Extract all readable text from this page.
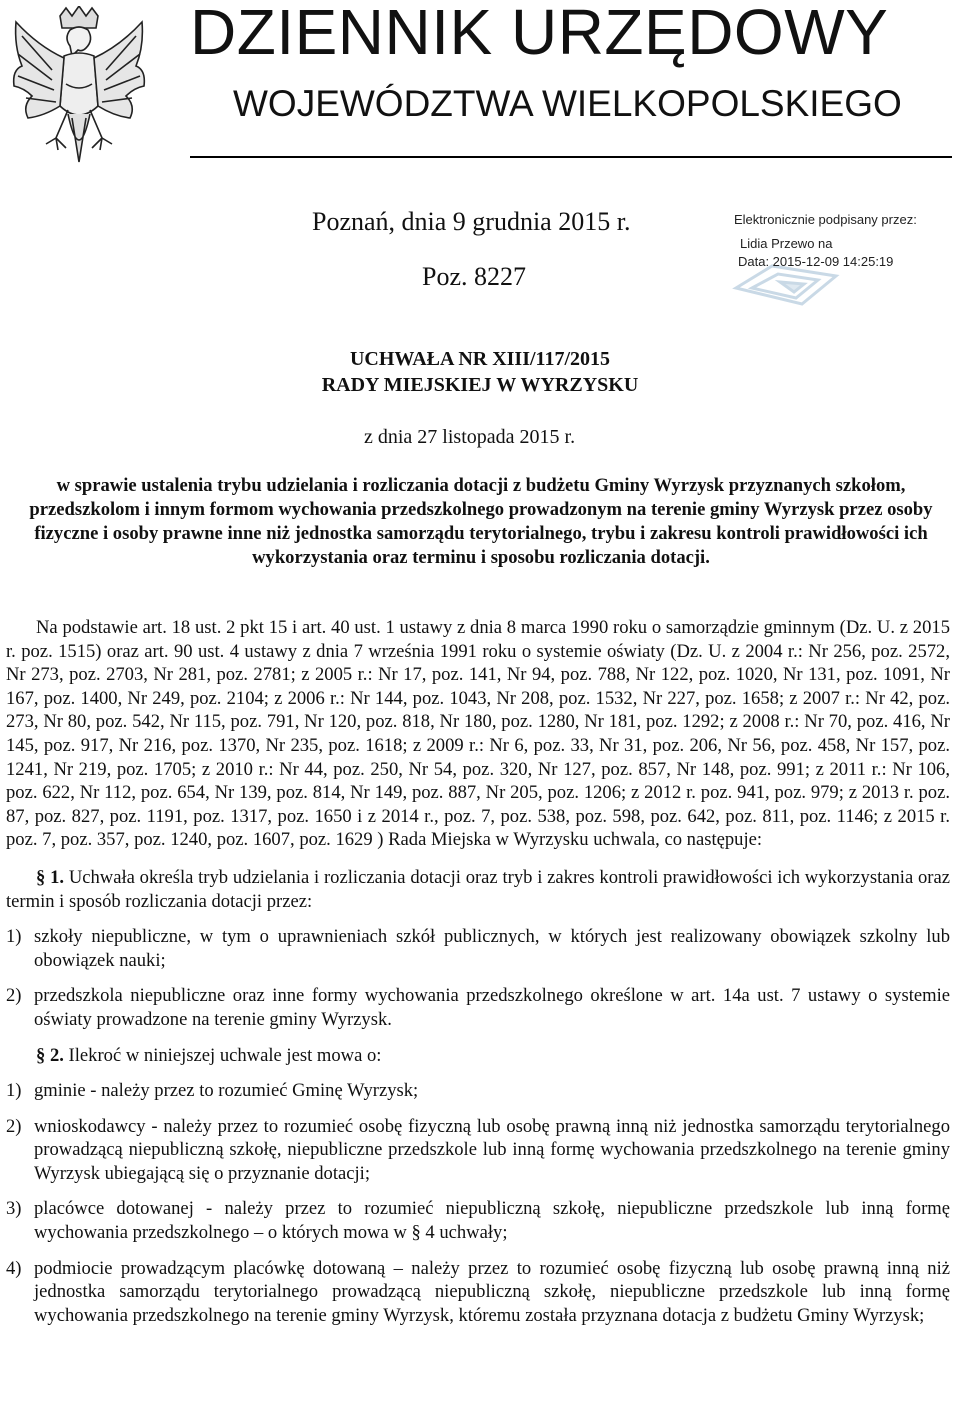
DZIENNIK URZĘDOWY
WOJEWÓDZTWA WIELKOPOLSKIEGO
Poznań, dnia 9 grudnia 2015 r.
Poz. 8227
Elektronicznie podpisany przez:
Lidia Przewo na
Data: 2015-12-09 14:25:19
UCHWAŁA NR XIII/117/2015
RADY MIEJSKIEJ W WYRZYSKU
z dnia 27 listopada 2015 r.
w sprawie ustalenia trybu udzielania i rozliczania dotacji z budżetu Gminy Wyrzysk przyznanych szkołom, przedszkolom i innym formom wychowania przedszkolnego prowadzonym na terenie gminy Wyrzysk przez osoby fizyczne i osoby prawne inne niż jednostka samorządu terytorialnego, trybu i zakresu kontroli prawidłowości ich wykorzystania oraz terminu i sposobu rozliczania dotacji.

Na podstawie art. 18 ust. 2 pkt 15 i art. 40 ust. 1 ustawy z dnia 8 marca 1990 roku o samorządzie gminnym (Dz. U. z 2015 r. poz. 1515) oraz art. 90 ust. 4 ustawy z dnia 7 września 1991 roku o systemie oświaty (Dz. U. z 2004 r.: Nr 256, poz. 2572, Nr 273, poz. 2703, Nr 281, poz. 2781; z 2005 r.: Nr 17, poz. 141, Nr 94, poz. 788, Nr 122, poz. 1020, Nr 131, poz. 1091, Nr 167, poz. 1400, Nr 249, poz. 2104; z 2006 r.: Nr 144, poz. 1043, Nr 208, poz. 1532, Nr 227, poz. 1658; z 2007 r.: Nr 42, poz. 273, Nr 80, poz. 542, Nr 115, poz. 791, Nr 120, poz. 818, Nr 180, poz. 1280, Nr 181, poz. 1292; z 2008 r.: Nr 70, poz. 416, Nr 145, poz. 917, Nr 216, poz. 1370, Nr 235, poz. 1618; z 2009 r.: Nr 6, poz. 33, Nr 31, poz. 206, Nr 56, poz. 458, Nr 157, poz. 1241, Nr 219, poz. 1705; z 2010 r.: Nr 44, poz. 250, Nr 54, poz. 320, Nr 127, poz. 857, Nr 148, poz. 991; z 2011 r.: Nr 106, poz. 622, Nr 112, poz. 654, Nr 139, poz. 814, Nr 149, poz. 887, Nr 205, poz. 1206; z 2012 r. poz. 941, poz. 979; z 2013 r. poz. 87, poz. 827, poz. 1191, poz. 1317, poz. 1650 i z 2014 r., poz. 7, poz. 538, poz. 598, poz. 642, poz. 811, poz. 1146; z 2015 r. poz. 7, poz. 357, poz. 1240, poz. 1607, poz. 1629 ) Rada Miejska w Wyrzysku uchwala, co następuje:

§ 1. Uchwała określa tryb udzielania i rozliczania dotacji oraz tryb i zakres kontroli prawidłowości ich wykorzystania oraz termin i sposób rozliczania dotacji przez:

1) szkoły niepubliczne, w tym o uprawnieniach szkół publicznych, w których jest realizowany obowiązek szkolny lub obowiązek nauki;
2) przedszkola niepubliczne oraz inne formy wychowania przedszkolnego określone w art. 14a ust. 7 ustawy o systemie oświaty prowadzone na terenie gminy Wyrzysk.

§ 2. Ilekroć w niniejszej uchwale jest mowa o:

1) gminie - należy przez to rozumieć Gminę Wyrzysk;
2) wnioskodawcy - należy przez to rozumieć osobę fizyczną lub osobę prawną inną niż jednostka samorządu terytorialnego prowadzącą niepubliczną szkołę, niepubliczne przedszkole lub inną formę wychowania przedszkolnego na terenie gminy Wyrzysk ubiegającą się o przyznanie dotacji;
3) placówce dotowanej - należy przez to rozumieć niepubliczną szkołę, niepubliczne przedszkole lub inną formę wychowania przedszkolnego – o których mowa w § 4 uchwały;
4) podmiocie prowadzącym placówkę dotowaną – należy przez to rozumieć osobę fizyczną lub osobę prawną inną niż jednostka samorządu terytorialnego prowadzącą niepubliczną szkołę, niepubliczne przedszkole lub inną formę wychowania przedszkolnego na terenie gminy Wyrzysk, któremu została przyznana dotacja z budżetu Gminy Wyrzysk;
